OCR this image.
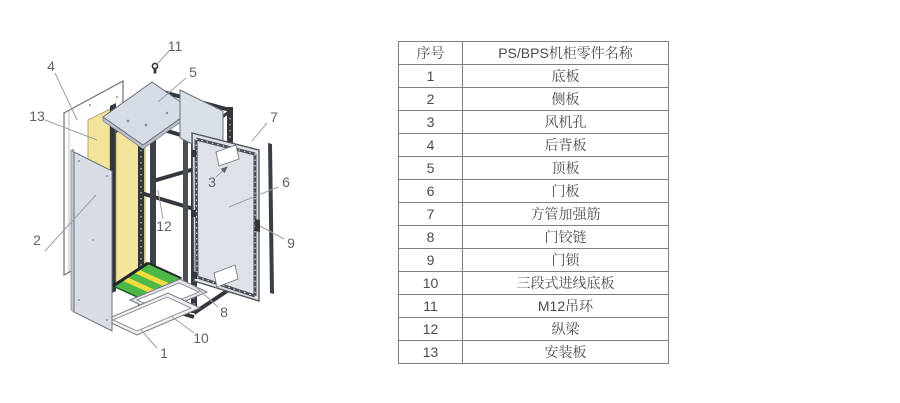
1
2
3
4	5
6
7
8
9
10
11
12
13
序号	PS/BPS机柜零件名称
1	底板
2	侧板
3	风机孔
4	后背板
5	顶板
6	门板
7	方管加强筋
8	门铰链
9	门锁
10	三段式进线底板
11	M12吊环
12	纵梁
13	安装板
